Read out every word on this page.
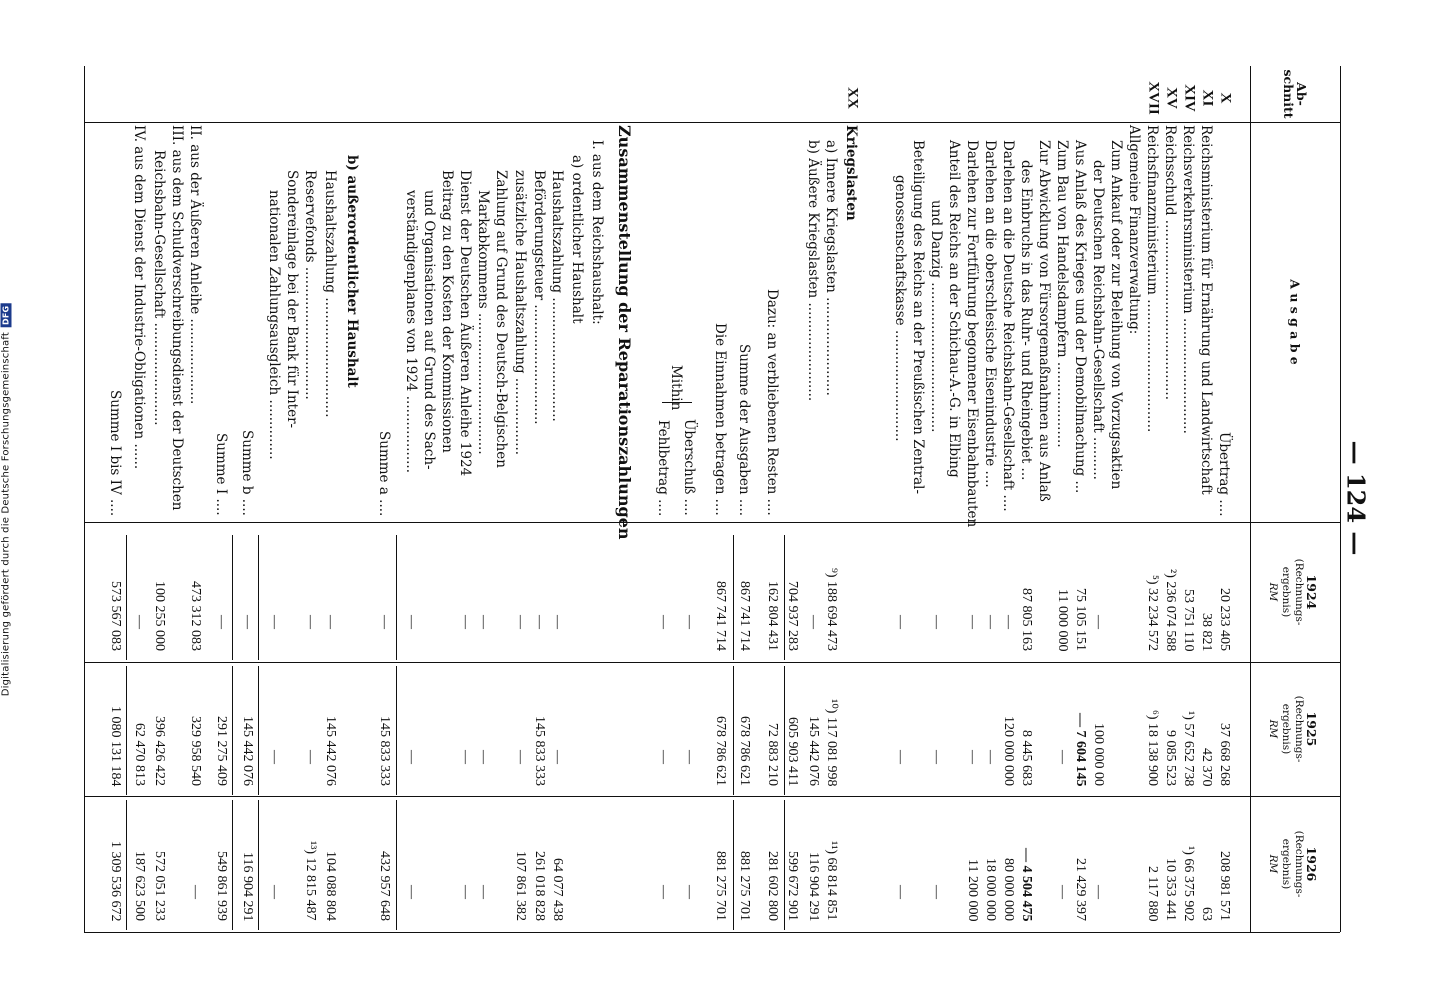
— 124 —
Digitalisierung gefördert durch die Deutsche Forschungsgemeinschaft
DFG
Ab-
schnitt
A u s g a b e
1924
(Rechnungs-
ergebnis)
RM
1925
(Rechnungs-
ergebnis)
RM
1926
(Rechnungs-
ergebnis)
RM
X
XI
XIV
XV
XVII
XX
Übertrag ....
20 233 405
37 668 268
208 981 571
Reichsministerium für Ernährung und Landwirtschaft
38 821
42 370
63
Reichsverkehrsministerium ...........................
53 751 110
¹) 57 652 738
¹) 66 375 902
Reichsschuld ..........................................
²) 236 074 588
9 085 523
10 353 441
Reichsfinanzministerium ...............................
⁵) 32 234 572
⁶) 18 138 900
2 117 880
Allgemeine Finanzverwaltung:
Zum Ankauf oder zur Beleihung von Vorzugsaktien
der Deutschen Reichsbahn-Gesellschaft ..........
—
100 000 00
—
Aus Anlaß des Krieges und der Demobilmachung ...
75 105 151
— 7 604 145
21 429 397
Zum Bau von Handelsdampfern ....................
11 000 000
—
—
Zur Abwicklung von Fürsorgemaßnahmen aus Anlaß
des Einbruchs in das Ruhr- und Rheingebiet ...
87 805 163
8 445 683
— 4 504 475
Darlehen an die Deutsche Reichsbahn-Gesellschaft ....
—
120 000 000
80 000 000
Darlehen an die oberschlesische Eisenindustrie ....
—
—
18 000 000
Darlehen zur Fortführung begonnener Eisenbahnbauten
—
—
11 200 000
Anteil des Reichs an der Schichau-A.-G. in Elbing
und Danzig ...................................
—
—
—
Beteiligung des Reichs an der Preußischen Zentral-
genossenschaftskasse ..........................
—
—
—
Kriegslasten
a) Innere Kriegslasten .......................
⁹) 188 694 473
¹⁰) 117 081 998
¹¹) 68 814 851
b) Äußere Kriegslasten .......................
—
145 442 076
116 904 291
704 937 283
605 903 411
599 672 901
Dazu: an verbliebenen Resten ....
162 804 431
72 883 210
281 602 800
Summe der Ausgaben ....
867 741 714
678 786 621
881 275 701
Die Einnahmen betragen ....
867 741 714
678 786 621
881 275 701
Überschuß ....
—
—
—
Fehlbetrag ....
—
—
—
Mithin
Zusammenstellung der Reparationszahlungen
I. aus dem Reichshaushalt:
a) ordentlicher Haushalt
Haushaltszahlung .............................
—
—
64 077 438
Beförderungsteuer ............................
—
145 833 333
261 018 828
zusätzliche Haushaltszahlung ..................
—
—
107 861 382
Zahlung auf Grund des Deutsch-Belgischen
Markabkommens .................................
—
—
—
Dienst der Deutschen Äußeren Anleihe 1924
—
—
—
Beitrag zu den Kosten der Kommissionen
und Organisationen auf Grund des Sach-
verständigenplanes von 1924 ..................
—
—
—
Summe a ....
—
145 833 333
432 957 648
b) außerordentlicher Haushalt
Haushaltszahlung ............................
—
145 442 076
104 088 804
Reservefonds ...............................
—
—
¹³) 12 815 487
Sondereinlage bei der Bank für Inter-
nationalen Zahlungsausgleich ..............
—
—
—
Summe b ....
—
145 442 076
116 904 291
Summe I ....
—
291 275 409
549 861 939
II. aus der Äußeren Anleihe ....................
473 312 083
329 958 540
—
III. aus dem Schuldverschreibungsdienst der Deutschen
Reichsbahn-Gesellschaft ........................
100 255 000
396 426 422
572 051 233
IV. aus dem Dienst der Industrie-Obligationen ......
—
62 470 813
187 623 500
Summe I bis IV ....
573 567 083
1 080 131 184
1 309 536 672
